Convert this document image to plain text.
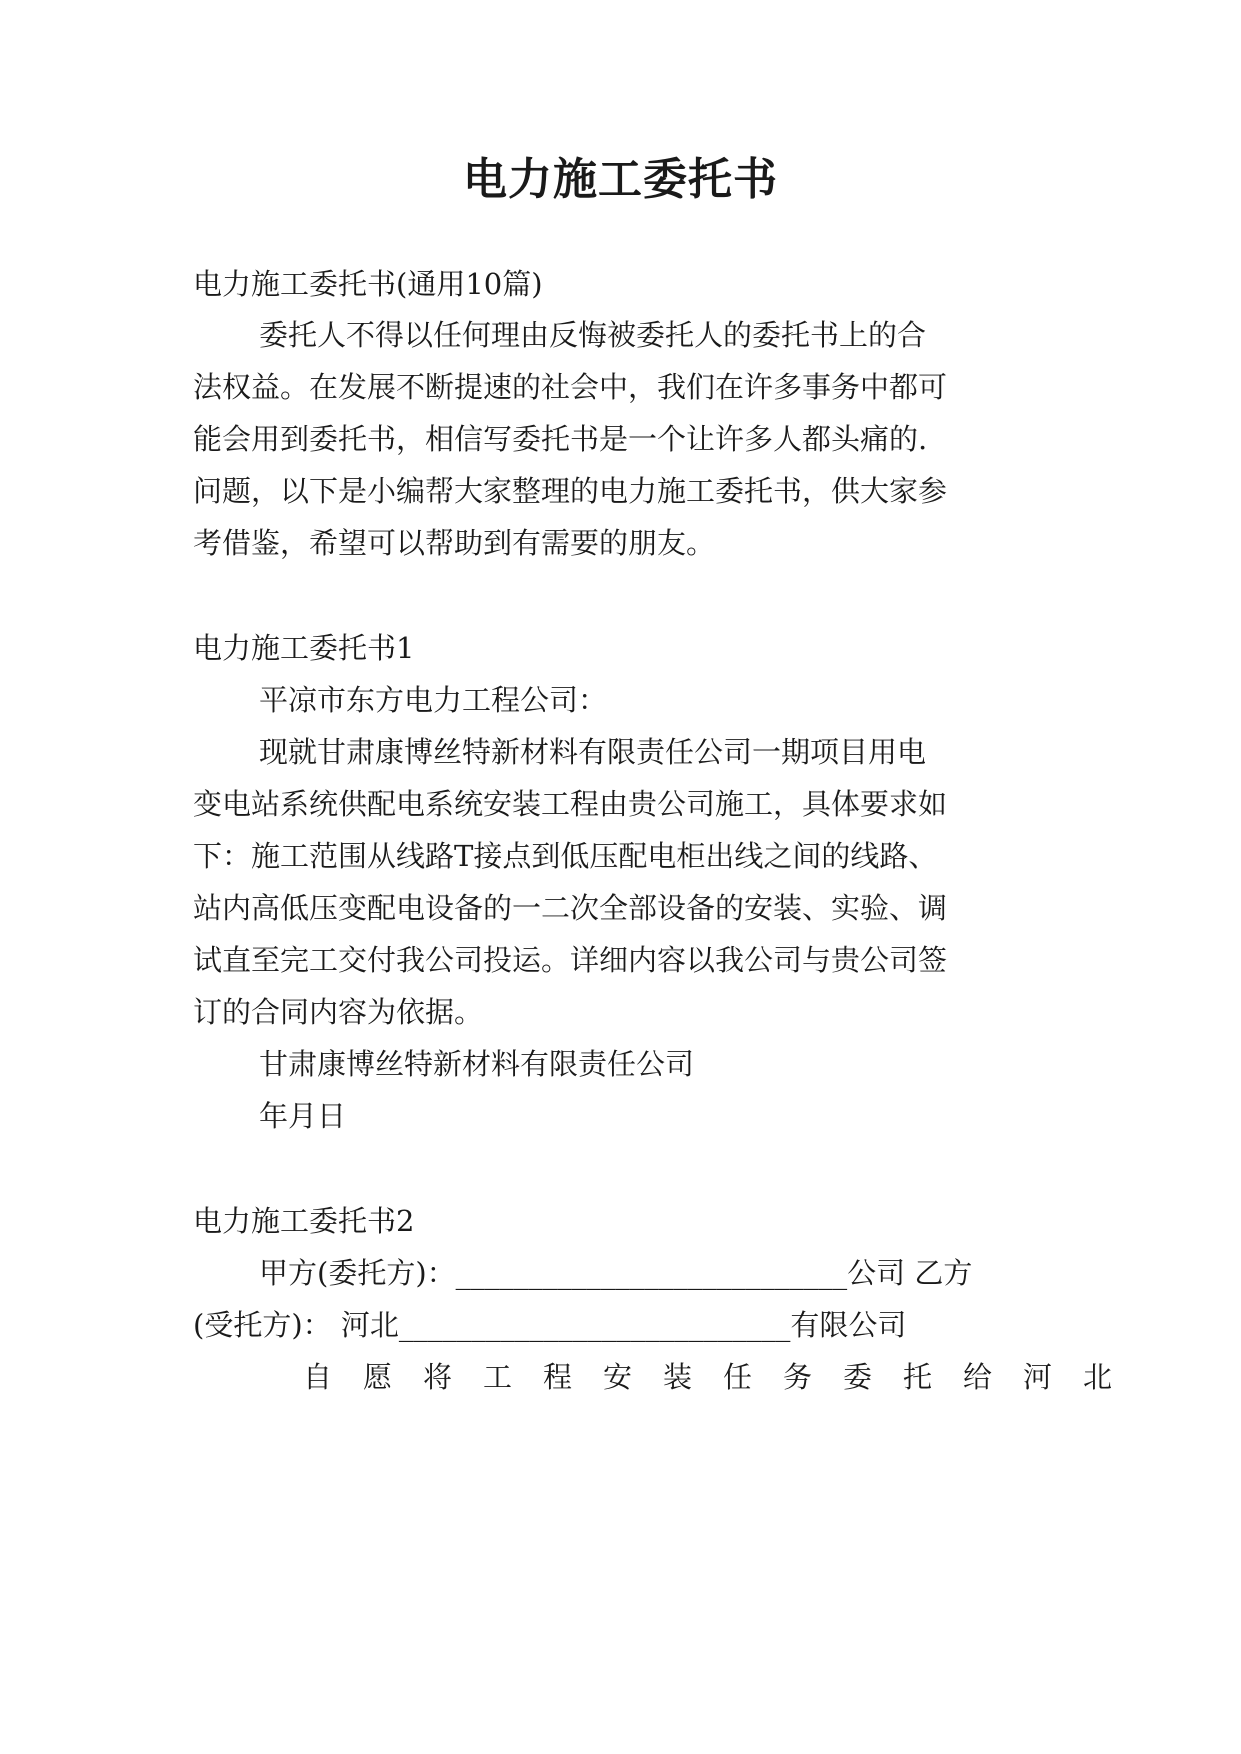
电力施工委托书
电力施工委托书(通用10篇)
委托人不得以任何理由反悔被委托人的委托书上的合
法权益。在发展不断提速的社会中，我们在许多事务中都可
能会用到委托书，相信写委托书是一个让许多人都头痛的.
问题，以下是小编帮大家整理的电力施工委托书，供大家参
考借鉴，希望可以帮助到有需要的朋友。
电力施工委托书1
平凉市东方电力工程公司：
现就甘肃康博丝特新材料有限责任公司一期项目用电
变电站系统供配电系统安装工程由贵公司施工，具体要求如
下：施工范围从线路T接点到低压配电柜出线之间的线路、
站内高低压变配电设备的一二次全部设备的安装、实验、调
试直至完工交付我公司投运。详细内容以我公司与贵公司签
订的合同内容为依据。
甘肃康博丝特新材料有限责任公司
年月日
电力施工委托书2
甲方(委托方)：___________________________公司 乙方
(受托方)： 河北___________________________有限公司
自愿将工程安装任务委托给河北
